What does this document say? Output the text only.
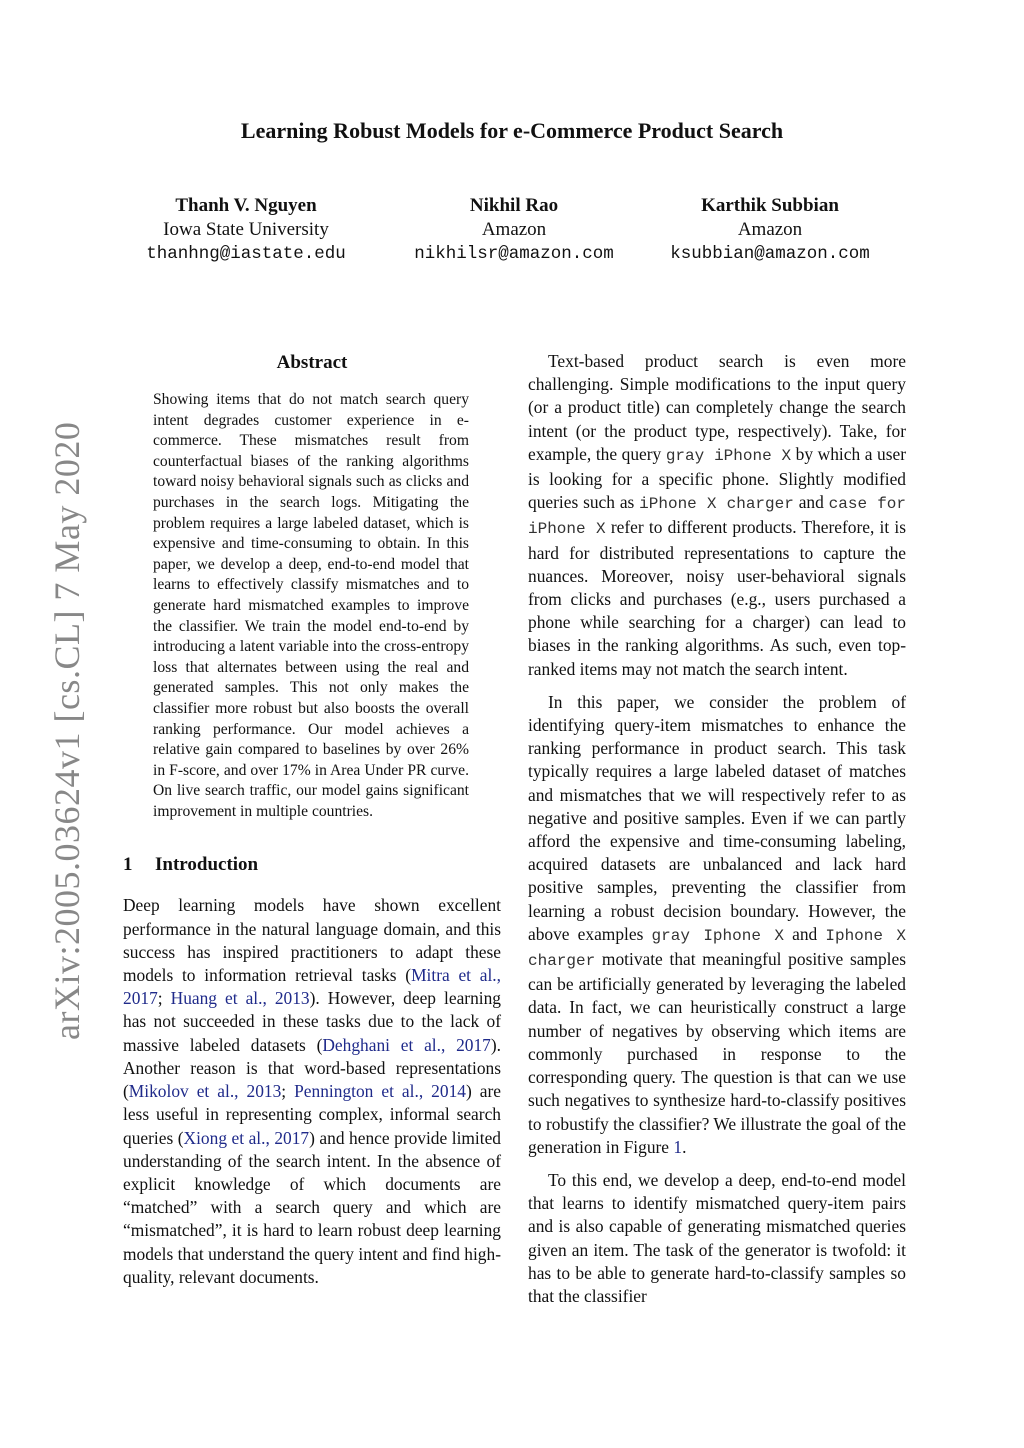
Learning Robust Models for e-Commerce Product Search
Thanh V. Nguyen
Iowa State University
thanhng@iastate.edu
Nikhil Rao
Amazon
nikhilsr@amazon.com
Karthik Subbian
Amazon
ksubbian@amazon.com
arXiv:2005.03624v1 [cs.CL] 7 May 2020
Abstract

Showing items that do not match search query intent degrades customer experience in e-commerce. These mismatches result from counterfactual biases of the ranking algorithms toward noisy behavioral signals such as clicks and purchases in the search logs. Mitigating the problem requires a large labeled dataset, which is expensive and time-consuming to obtain. In this paper, we develop a deep, end-to-end model that learns to effectively classify mismatches and to generate hard mismatched examples to improve the classifier. We train the model end-to-end by introducing a latent variable into the cross-entropy loss that alternates between using the real and generated samples. This not only makes the classifier more robust but also boosts the overall ranking performance. Our model achieves a relative gain compared to baselines by over 26% in F-score, and over 17% in Area Under PR curve. On live search traffic, our model gains significant improvement in multiple countries.

1 Introduction

Deep learning models have shown excellent performance in the natural language domain, and this success has inspired practitioners to adapt these models to information retrieval tasks (Mitra et al., 2017; Huang et al., 2013). However, deep learning has not succeeded in these tasks due to the lack of massive labeled datasets (Dehghani et al., 2017). Another reason is that word-based representations (Mikolov et al., 2013; Pennington et al., 2014) are less useful in representing complex, informal search queries (Xiong et al., 2017) and hence provide limited understanding of the search intent. In the absence of explicit knowledge of which documents are “matched” with a search query and which are “mismatched”, it is hard to learn robust deep learning models that understand the query intent and find high-quality, relevant documents.

Text-based product search is even more challenging. Simple modifications to the input query (or a product title) can completely change the search intent (or the product type, respectively). Take, for example, the query gray iPhone X by which a user is looking for a specific phone. Slightly modified queries such as iPhone X charger and case for iPhone X refer to different products. Therefore, it is hard for distributed representations to capture the nuances. Moreover, noisy user-behavioral signals from clicks and purchases (e.g., users purchased a phone while searching for a charger) can lead to biases in the ranking algorithms. As such, even top-ranked items may not match the search intent.

In this paper, we consider the problem of identifying query-item mismatches to enhance the ranking performance in product search. This task typically requires a large labeled dataset of matches and mismatches that we will respectively refer to as negative and positive samples. Even if we can partly afford the expensive and time-consuming labeling, acquired datasets are unbalanced and lack hard positive samples, preventing the classifier from learning a robust decision boundary. However, the above examples gray Iphone X and Iphone X charger motivate that meaningful positive samples can be artificially generated by leveraging the labeled data. In fact, we can heuristically construct a large number of negatives by observing which items are commonly purchased in response to the corresponding query. The question is that can we use such negatives to synthesize hard-to-classify positives to robustify the classifier? We illustrate the goal of the generation in Figure 1.

To this end, we develop a deep, end-to-end model that learns to identify mismatched query-item pairs and is also capable of generating mismatched queries given an item. The task of the generator is twofold: it has to be able to generate hard-to-classify samples so that the classifier
